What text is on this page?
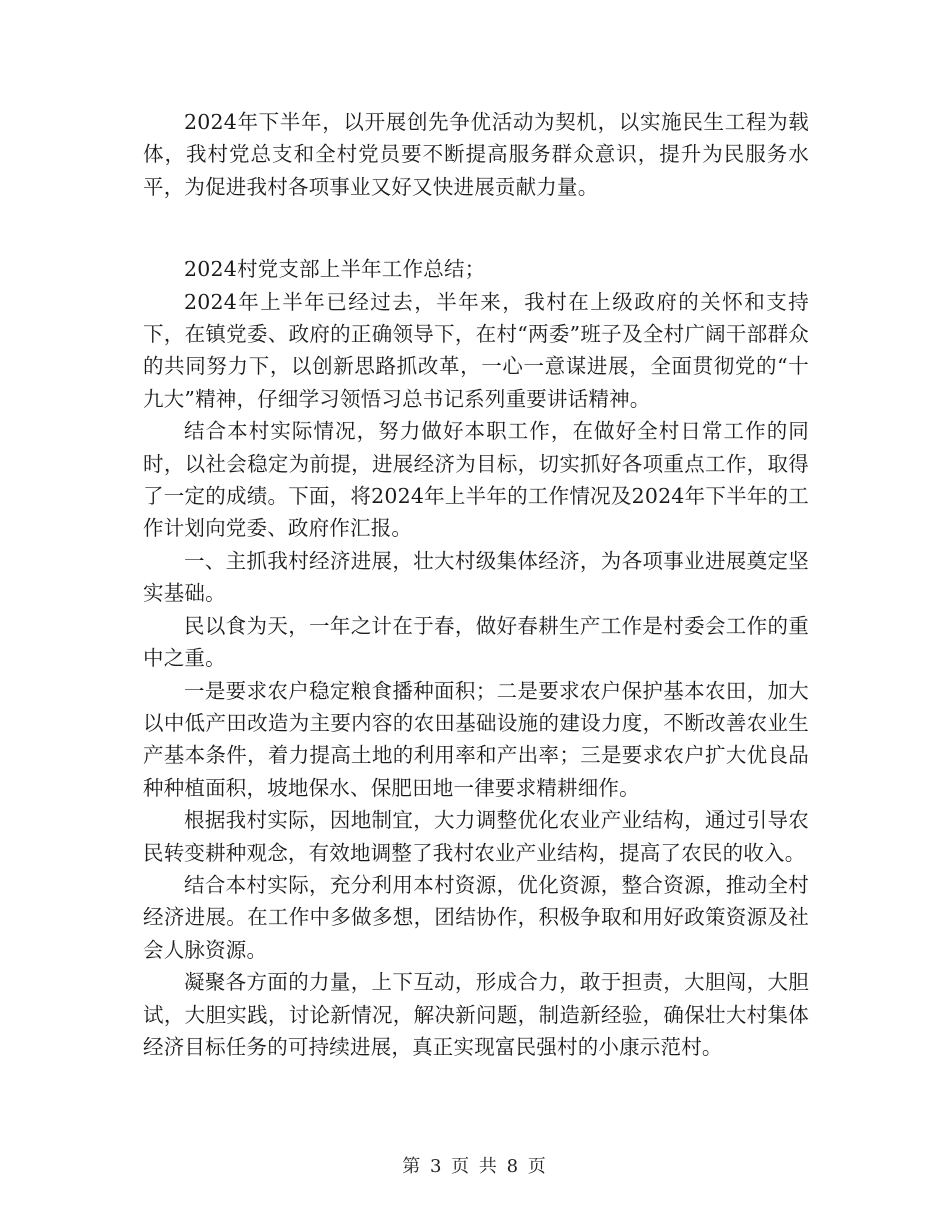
2024年下半年，以开展创先争优活动为契机，以实施民生工程为载体，我村党总支和全村党员要不断提高服务群众意识，提升为民服务水平，为促进我村各项事业又好又快进展贡献力量。

2024村党支部上半年工作总结；

2024年上半年已经过去，半年来，我村在上级政府的关怀和支持下，在镇党委、政府的正确领导下，在村“两委”班子及全村广阔干部群众的共同努力下，以创新思路抓改革，一心一意谋进展，全面贯彻党的“十九大”精神，仔细学习领悟习总书记系列重要讲话精神。

结合本村实际情况，努力做好本职工作，在做好全村日常工作的同时，以社会稳定为前提，进展经济为目标，切实抓好各项重点工作，取得了一定的成绩。下面，将2024年上半年的工作情况及2024年下半年的工作计划向党委、政府作汇报。

一、主抓我村经济进展，壮大村级集体经济，为各项事业进展奠定坚实基础。

民以食为天，一年之计在于春，做好春耕生产工作是村委会工作的重中之重。

一是要求农户稳定粮食播种面积；二是要求农户保护基本农田，加大以中低产田改造为主要内容的农田基础设施的建设力度，不断改善农业生产基本条件，着力提高土地的利用率和产出率；三是要求农户扩大优良品种种植面积，坡地保水、保肥田地一律要求精耕细作。

根据我村实际，因地制宜，大力调整优化农业产业结构，通过引导农民转变耕种观念，有效地调整了我村农业产业结构，提高了农民的收入。

结合本村实际，充分利用本村资源，优化资源，整合资源，推动全村经济进展。在工作中多做多想，团结协作，积极争取和用好政策资源及社会人脉资源。

凝聚各方面的力量，上下互动，形成合力，敢于担责，大胆闯，大胆试，大胆实践，讨论新情况，解决新问题，制造新经验，确保壮大村集体经济目标任务的可持续进展，真正实现富民强村的小康示范村。

第 3 页 共 8 页
